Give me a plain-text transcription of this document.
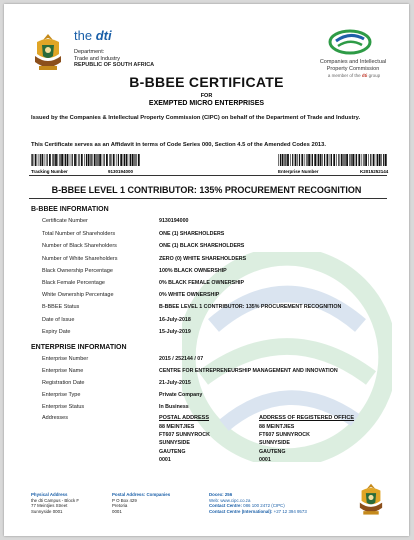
the dti
Department:
Trade and Industry
REPUBLIC OF SOUTH AFRICA
Companies and Intellectual
Property Commission
a member of the dti group
B-BBEE CERTIFICATE
FOR
EXEMPTED MICRO ENTERPRISES
Issued by the Companies & Intellectual Property Commission (CIPC) on behalf of the Department of Trade and Industry.
This Certificate serves as an Affidavit in terms of Code Series 000, Section 4.5 of the Amended Codes 2013.
Tracking Number	9130194000	Enterprise Number	K2015252144
B-BBEE LEVEL 1 CONTRIBUTOR: 135% PROCUREMENT RECOGNITION
B-BBEE INFORMATION
Certificate Number	9130194000
Total Number of Shareholders	ONE (1) SHAREHOLDERS
Number of Black Shareholders	ONE (1) BLACK SHAREHOLDERS
Number of White Shareholders	ZERO (0) WHITE SHAREHOLDERS
Black Ownership Percentage	100% BLACK OWNERSHIP
Black Female Percentage	0% BLACK FEMALE OWNERSHIP
White Ownership Percentage	0% WHITE OWNERSHIP
B-BBEE Status	B-BBEE LEVEL 1 CONTRIBUTOR: 135% PROCUREMENT RECOGNITION
Date of Issue	16-July-2018
Expiry Date	15-July-2019
ENTERPRISE INFORMATION
Enterprise Number	2015 / 252144 / 07
Enterprise Name	CENTRE FOR ENTREPRENEURSHIP MANAGEMENT AND INNOVATION
Registration Date	21-July-2015
Enterprise Type	Private Company
Enterprise Status	In Business
Addresses	POSTAL ADDRESS
88 MEINTJIES
FT607 SUNNYROCK
SUNNYSIDE
GAUTENG
0001
ADDRESS OF REGISTERED OFFICE
88 MEINTJIES
FT607 SUNNYROCK
SUNNYSIDE
GAUTENG
0001
Physical Address
the dti Campus - Block F
77 Meintjies Street
Sunnyside 0001
Postal Address: Companies
P O Box 429
Pretoria
0001
Docex: 256
Web: www.cipc.co.za
Contact Centre: 086 100 2472 (CIPC)
Contact Centre (International): +27 12 394 9573
